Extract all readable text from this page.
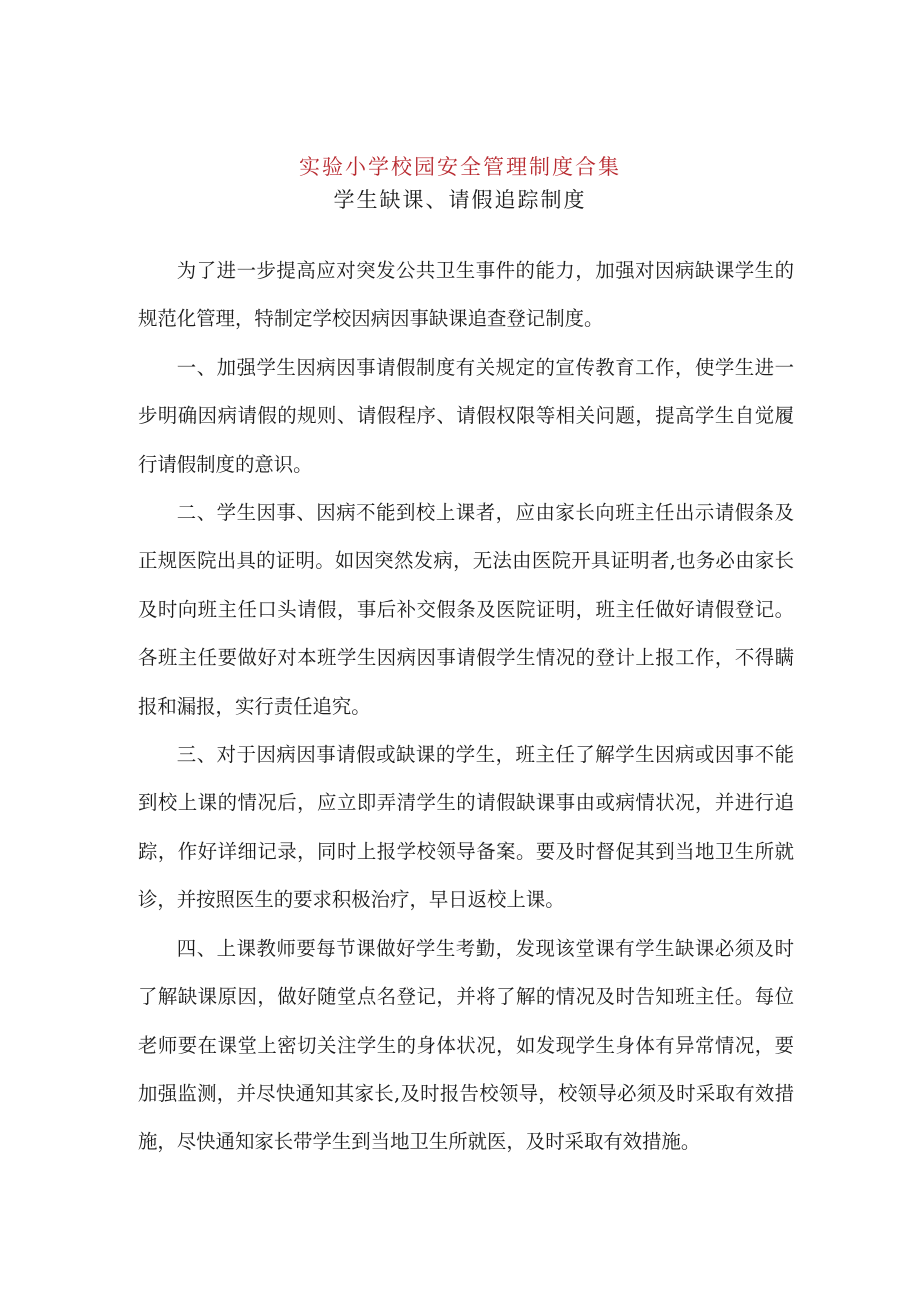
实验小学校园安全管理制度合集
学生缺课、请假追踪制度

为了进一步提高应对突发公共卫生事件的能力，加强对因病缺课学生的规范化管理，特制定学校因病因事缺课追查登记制度。

一、加强学生因病因事请假制度有关规定的宣传教育工作，使学生进一步明确因病请假的规则、请假程序、请假权限等相关问题，提高学生自觉履行请假制度的意识。

二、学生因事、因病不能到校上课者，应由家长向班主任出示请假条及正规医院出具的证明。如因突然发病，无法由医院开具证明者,也务必由家长及时向班主任口头请假，事后补交假条及医院证明，班主任做好请假登记。各班主任要做好对本班学生因病因事请假学生情况的登计上报工作，不得瞒报和漏报，实行责任追究。

三、对于因病因事请假或缺课的学生，班主任了解学生因病或因事不能到校上课的情况后，应立即弄清学生的请假缺课事由或病情状况，并进行追踪，作好详细记录，同时上报学校领导备案。要及时督促其到当地卫生所就诊，并按照医生的要求积极治疗，早日返校上课。

四、上课教师要每节课做好学生考勤，发现该堂课有学生缺课必须及时了解缺课原因，做好随堂点名登记，并将了解的情况及时告知班主任。每位老师要在课堂上密切关注学生的身体状况，如发现学生身体有异常情况，要加强监测，并尽快通知其家长,及时报告校领导，校领导必须及时采取有效措施，尽快通知家长带学生到当地卫生所就医，及时采取有效措施。
